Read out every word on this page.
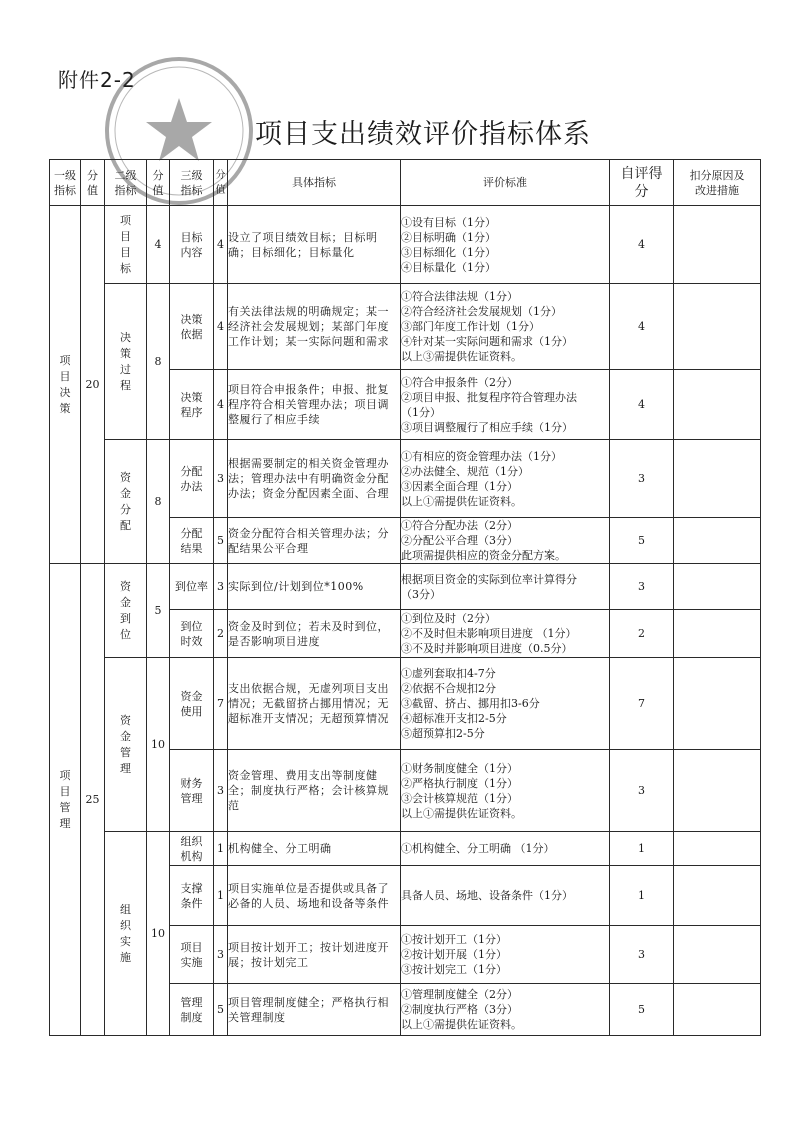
附件2-2
项目支出绩效评价指标体系
一级指标	分值	二级指标	分值	三级指标	分值	具体指标	评价标准	自评得分	扣分原因及改进措施

项目决策	20	项目目标	4	目标内容	4	设立了项目绩效目标；目标明确；目标细化；目标量化	①设有目标（1分）
②目标明确（1分）
③目标细化（1分）
④目标量化（1分）	4	

		决策过程	8	决策依据	4	有关法律法规的明确规定；某一经济社会发展规划；某部门年度工作计划；某一实际问题和需求	①符合法律法规（1分）
②符合经济社会发展规划（1分）
③部门年度工作计划（1分）
④针对某一实际问题和需求（1分）
以上③需提供佐证资料。	4	

				决策程序	4	项目符合申报条件；申报、批复程序符合相关管理办法；项目调整履行了相应手续	①符合申报条件（2分）
②项目申报、批复程序符合管理办法
（1分）
③项目调整履行了相应手续（1分）	4	

		资金分配	8	分配办法	3	根据需要制定的相关资金管理办法；管理办法中有明确资金分配办法；资金分配因素全面、合理	①有相应的资金管理办法（1分）
②办法健全、规范（1分）
③因素全面合理（1分）
以上①需提供佐证资料。	3	

				分配结果	5	资金分配符合相关管理办法；分配结果公平合理	①符合分配办法（2分）
②分配公平合理（3分）
此项需提供相应的资金分配方案。	5	

项目管理	25	资金到位	5	到位率	3	实际到位/计划到位*100%	根据项目资金的实际到位率计算得分
（3分）	3	

				到位时效	2	资金及时到位；若未及时到位，是否影响项目进度	①到位及时（2分）
②不及时但未影响项目进度 （1分）
③不及时并影响项目进度（0.5分）	2	

		资金管理	10	资金使用	7	支出依据合规，无虚列项目支出情况；无截留挤占挪用情况；无超标准开支情况；无超预算情况	①虚列套取扣4-7分
②依据不合规扣2分
③截留、挤占、挪用扣3-6分
④超标准开支扣2-5分
⑤超预算扣2-5分	7	

				财务管理	3	资金管理、费用支出等制度健全；制度执行严格；会计核算规范	①财务制度健全（1分）
②严格执行制度（1分）
③会计核算规范（1分）
以上①需提供佐证资料。	3	

		组织实施	10	组织机构	1	机构健全、分工明确	①机构健全、分工明确 （1分）	1	

				支撑条件	1	项目实施单位是否提供或具备了必备的人员、场地和设备等条件	具备人员、场地、设备条件（1分）	1	

				项目实施	3	项目按计划开工；按计划进度开展；按计划完工	①按计划开工（1分）
②按计划开展（1分）
③按计划完工（1分）	3	

				管理制度	5	项目管理制度健全；严格执行相关管理制度	①管理制度健全（2分）
②制度执行严格（3分）
以上①需提供佐证资料。	5	
